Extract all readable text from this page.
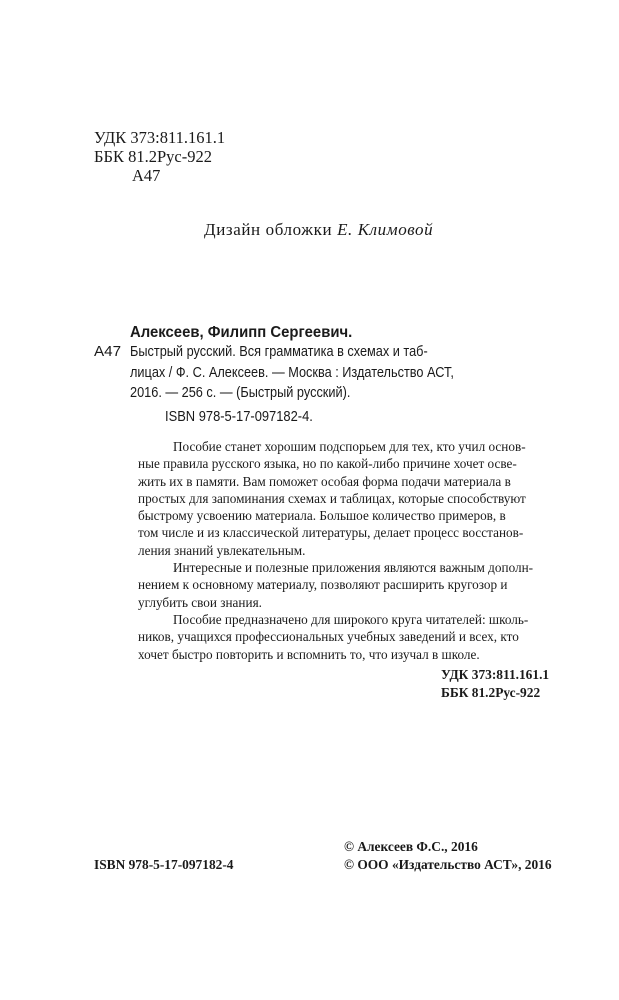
УДК 373:811.161.1
ББК 81.2Рус-922
А47
Дизайн обложки Е. Климовой
Алексеев, Филипп Сергеевич.
А47 Быстрый русский. Вся грамматика в схемах и таб-
лицах / Ф. С. Алексеев. — Москва : Издательство АСТ,
2016. — 256 с. — (Быстрый русский).
ISBN 978-5-17-097182-4.
Пособие станет хорошим подспорьем для тех, кто учил основ-
ные правила русского языка, но по какой-либо причине хочет осве-
жить их в памяти. Вам поможет особая форма подачи материала в
простых для запоминания схемах и таблицах, которые способствуют
быстрому усвоению материала. Большое количество примеров, в
том числе и из классической литературы, делает процесс восстанов-
ления знаний увлекательным.
Интересные и полезные приложения являются важным дополн-
нением к основному материалу, позволяют расширить кругозор и
углубить свои знания.
Пособие предназначено для широкого круга читателей: школь-
ников, учащихся профессиональных учебных заведений и всех, кто
хочет быстро повторить и вспомнить то, что изучал в школе.
УДК 373:811.161.1
ББК 81.2Рус-922
ISBN 978-5-17-097182-4
© Алексеев Ф.С., 2016
© ООО «Издательство АСТ», 2016
